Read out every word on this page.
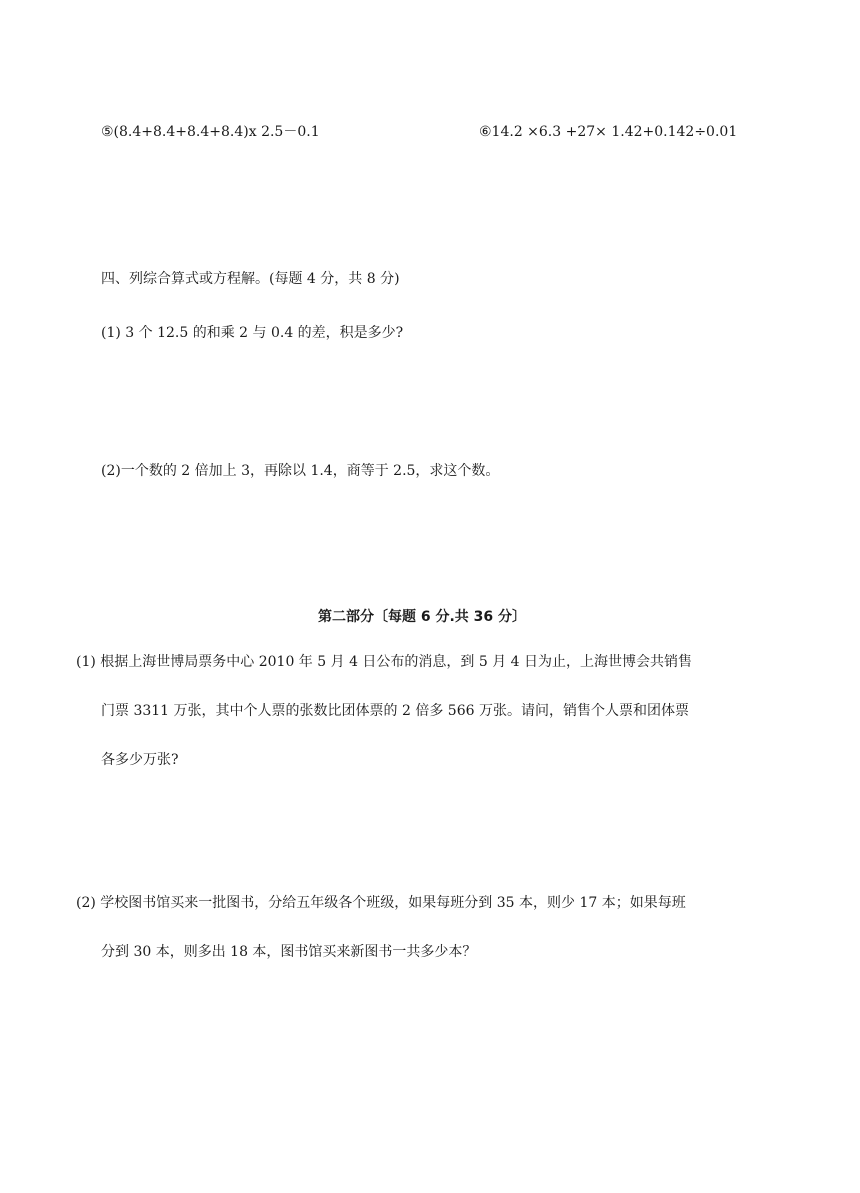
⑤(8.4+8.4+8.4+8.4)x 2.5－0.1	⑥14.2 ×6.3 +27× 1.42+0.142÷0.01
四、列综合算式或方程解。(每题 4 分，共 8 分)
(1) 3 个 12.5 的和乘 2 与 0.4 的差，积是多少?
(2)一个数的 2 倍加上 3，再除以 1.4，商等于 2.5，求这个数。
第二部分〔每题 6 分.共 36 分〕
(1) 根据上海世博局票务中心 2010 年 5 月 4 日公布的消息，到 5 月 4 日为止，上海世博会共销售
门票 3311 万张，其中个人票的张数比团体票的 2 倍多 566 万张。请问，销售个人票和团体票
各多少万张?
(2) 学校图书馆买来一批图书，分给五年级各个班级，如果每班分到 35 本，则少 17 本；如果每班
分到 30 本，则多出 18 本，图书馆买来新图书一共多少本？
